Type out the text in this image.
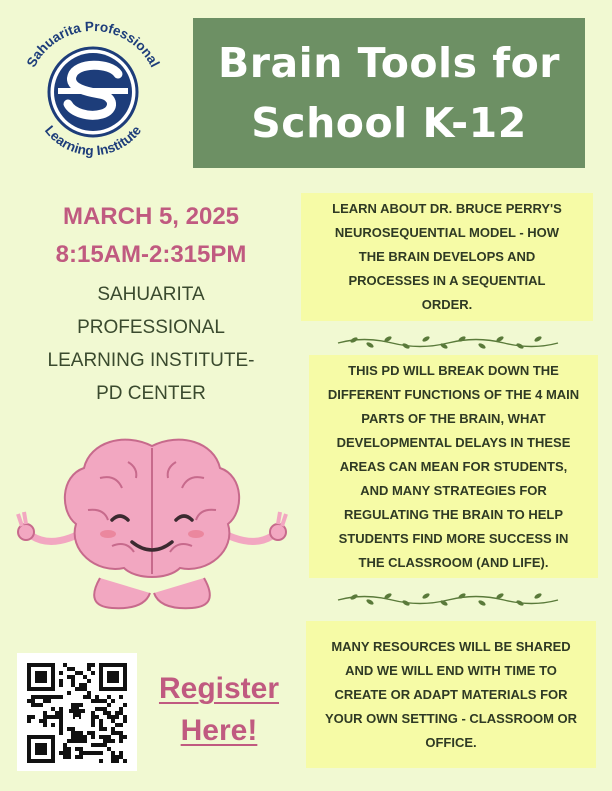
Sahuarita Professional
Learning Institute
Brain Tools for
School K-12
MARCH 5, 2025
8:15AM-2:315PM
SAHUARITA
PROFESSIONAL
LEARNING INSTITUTE-
PD CENTER
LEARN ABOUT DR. BRUCE PERRY'S
NEUROSEQUENTIAL MODEL - HOW
THE BRAIN DEVELOPS AND
PROCESSES IN A SEQUENTIAL
ORDER.
THIS PD WILL BREAK DOWN THE
DIFFERENT FUNCTIONS OF THE 4 MAIN
PARTS OF THE BRAIN, WHAT
DEVELOPMENTAL DELAYS IN THESE
AREAS CAN MEAN FOR STUDENTS,
AND MANY STRATEGIES FOR
REGULATING THE BRAIN TO HELP
STUDENTS FIND MORE SUCCESS IN
THE CLASSROOM (AND LIFE).
MANY RESOURCES WILL BE SHARED
AND WE WILL END WITH TIME TO
CREATE OR ADAPT MATERIALS FOR
YOUR OWN SETTING - CLASSROOM OR
OFFICE.
Register
Here!
